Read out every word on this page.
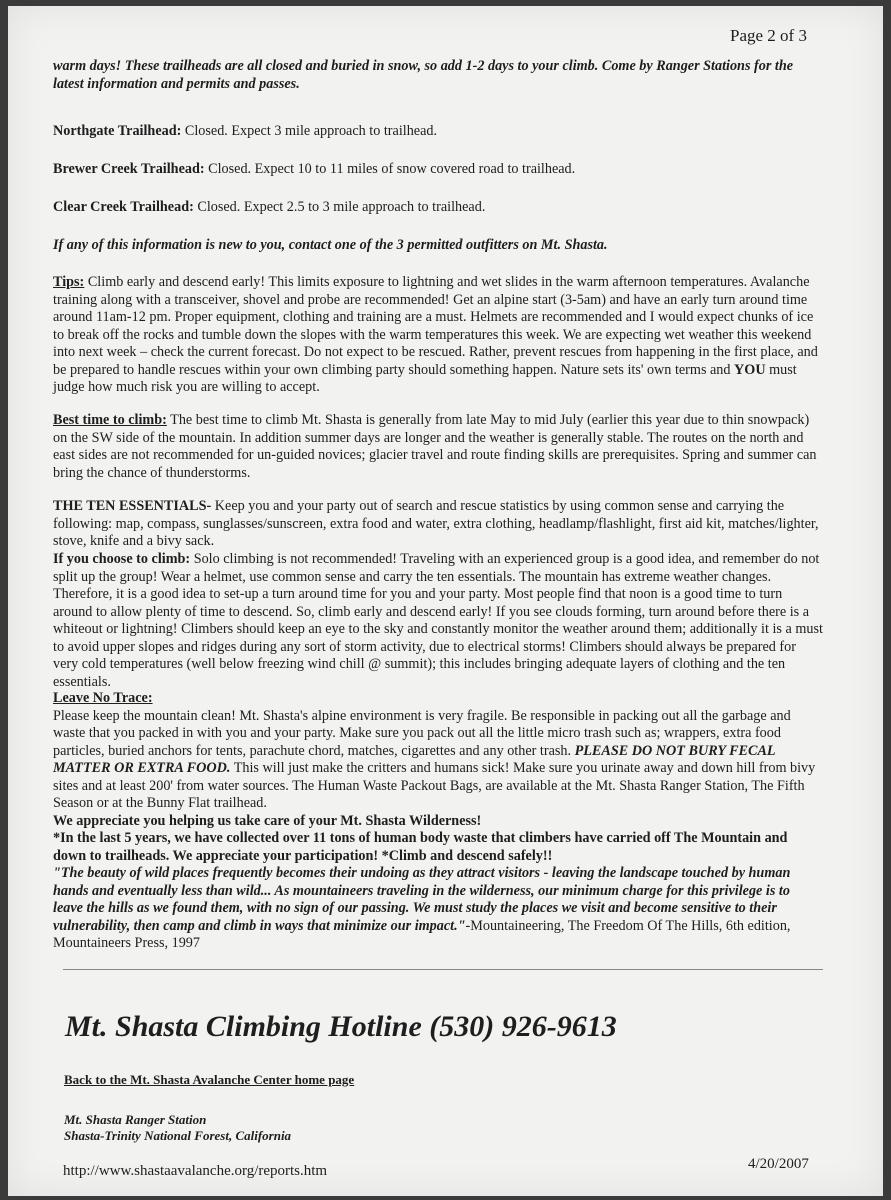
Page 2 of 3
warm days! These trailheads are all closed and buried in snow, so add 1-2 days to your climb. Come by Ranger Stations for the latest information and permits and passes.
Northgate Trailhead: Closed. Expect 3 mile approach to trailhead.
Brewer Creek Trailhead: Closed. Expect 10 to 11 miles of snow covered road to trailhead.
Clear Creek Trailhead: Closed. Expect 2.5 to 3 mile approach to trailhead.
If any of this information is new to you, contact one of the 3 permitted outfitters on Mt. Shasta.
Tips: Climb early and descend early! This limits exposure to lightning and wet slides in the warm afternoon temperatures. Avalanche training along with a transceiver, shovel and probe are recommended! Get an alpine start (3-5am) and have an early turn around time around 11am-12 pm. Proper equipment, clothing and training are a must. Helmets are recommended and I would expect chunks of ice to break off the rocks and tumble down the slopes with the warm temperatures this week. We are expecting wet weather this weekend into next week – check the current forecast. Do not expect to be rescued. Rather, prevent rescues from happening in the first place, and be prepared to handle rescues within your own climbing party should something happen. Nature sets its' own terms and YOU must judge how much risk you are willing to accept.
Best time to climb: The best time to climb Mt. Shasta is generally from late May to mid July (earlier this year due to thin snowpack) on the SW side of the mountain. In addition summer days are longer and the weather is generally stable. The routes on the north and east sides are not recommended for un-guided novices; glacier travel and route finding skills are prerequisites. Spring and summer can bring the chance of thunderstorms.
THE TEN ESSENTIALS- Keep you and your party out of search and rescue statistics by using common sense and carrying the following: map, compass, sunglasses/sunscreen, extra food and water, extra clothing, headlamp/flashlight, first aid kit, matches/lighter, stove, knife and a bivy sack.
If you choose to climb: Solo climbing is not recommended! Traveling with an experienced group is a good idea, and remember do not split up the group! Wear a helmet, use common sense and carry the ten essentials. The mountain has extreme weather changes. Therefore, it is a good idea to set-up a turn around time for you and your party. Most people find that noon is a good time to turn around to allow plenty of time to descend. So, climb early and descend early! If you see clouds forming, turn around before there is a whiteout or lightning! Climbers should keep an eye to the sky and constantly monitor the weather around them; additionally it is a must to avoid upper slopes and ridges during any sort of storm activity, due to electrical storms! Climbers should always be prepared for very cold temperatures (well below freezing wind chill @ summit); this includes bringing adequate layers of clothing and the ten essentials.
Leave No Trace:
Please keep the mountain clean! Mt. Shasta's alpine environment is very fragile. Be responsible in packing out all the garbage and waste that you packed in with you and your party. Make sure you pack out all the little micro trash such as; wrappers, extra food particles, buried anchors for tents, parachute chord, matches, cigarettes and any other trash. PLEASE DO NOT BURY FECAL MATTER OR EXTRA FOOD. This will just make the critters and humans sick! Make sure you urinate away and down hill from bivy sites and at least 200' from water sources. The Human Waste Packout Bags, are available at the Mt. Shasta Ranger Station, The Fifth Season or at the Bunny Flat trailhead.
We appreciate you helping us take care of your Mt. Shasta Wilderness!
*In the last 5 years, we have collected over 11 tons of human body waste that climbers have carried off The Mountain and down to trailheads. We appreciate your participation! *Climb and descend safely!!
"The beauty of wild places frequently becomes their undoing as they attract visitors - leaving the landscape touched by human hands and eventually less than wild... As mountaineers traveling in the wilderness, our minimum charge for this privilege is to leave the hills as we found them, with no sign of our passing. We must study the places we visit and become sensitive to their vulnerability, then camp and climb in ways that minimize our impact."-Mountaineering, The Freedom Of The Hills, 6th edition, Mountaineers Press, 1997
Mt. Shasta Climbing Hotline (530) 926-9613
Back to the Mt. Shasta Avalanche Center home page
Mt. Shasta Ranger Station
Shasta-Trinity National Forest, California
http://www.shastaavalanche.org/reports.htm	4/20/2007
